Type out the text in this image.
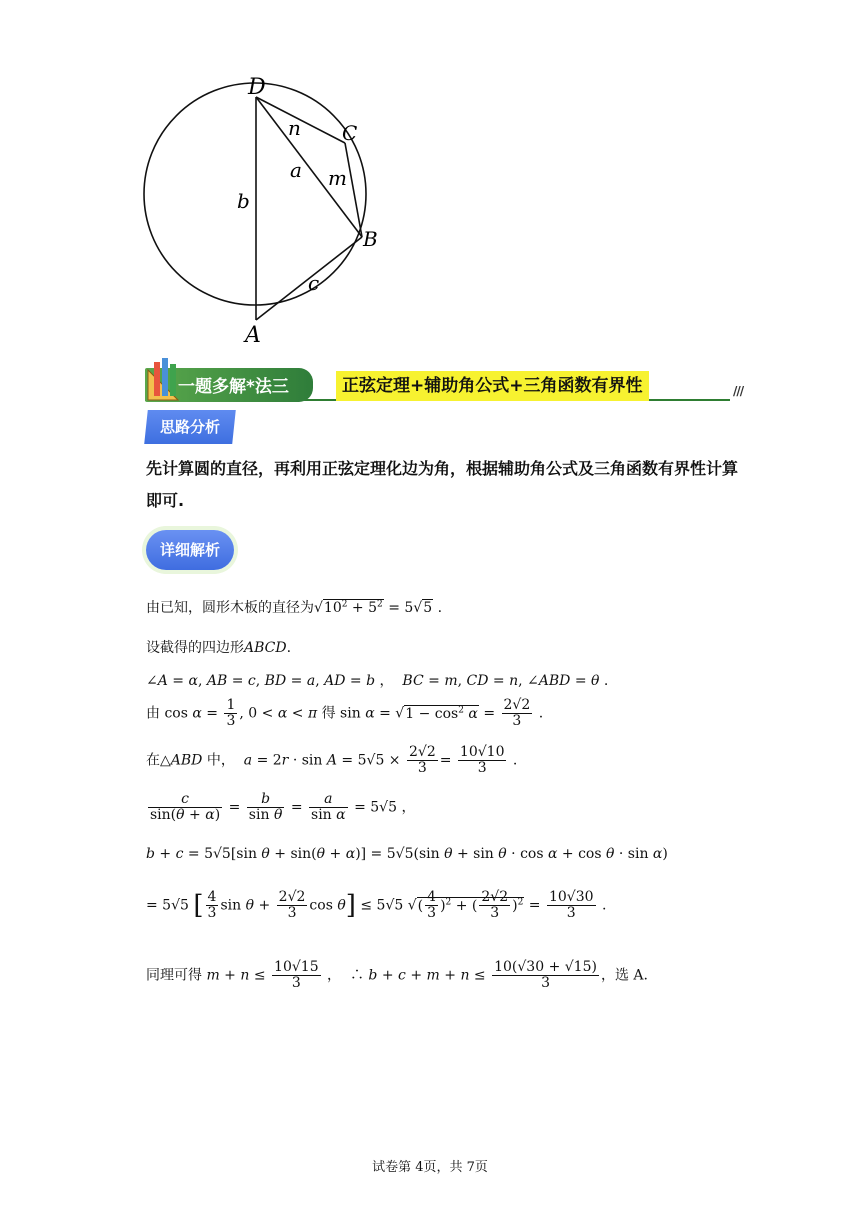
D
C
B
A
n
a m
b
c
一题多解*法三	正弦定理+辅助角公式+三角函数有界性	///
思路分析
先计算圆的直径，再利用正弦定理化边为角，根据辅助角公式及三角函数有界性计算即可.
详细解析
由已知，圆形木板的直径为$√10^2 + 5^2 = 5√5$ .
设截得的四边形ABCD.
∠A = α, AB = c, BD = a, AD = b ，  BC = m, CD = n, ∠ABD = θ .
由 $\cos \alpha = \frac{1}{3}$ , 0 < α < π 得 $\sin \alpha = √1 - \cos^2 \alpha = \frac{2√2}{3}$ .
在△ABD 中， $a = 2r \cdot \sin A = 5√5 \times \frac{2√2}{3} = \frac{10√10}{3}$ .
$\frac{c}{\sin(\theta + \alpha)} = \frac{b}{\text{sin θ}} = \frac{a}{\text{sin α}} = 5√5$ ，
b + c = 5√5[sin θ + sin(θ + α)] = 5√5(sin θ + sin θ · cos α + cos θ · sin α)
= 5√5 [ $\frac{4}{3}$ $\sin \theta + \frac{2√2}{3}$ cos θ] ≤ 5√5 √( $\frac{4}{3} )^2$ + ( $\frac{2√2}{3} )^2 = \frac{10√30}{3}$ .
同理可得 $m + n \le \frac{10√15}{3}$ ，  ∴ $b + c + m + n \le \frac{10(√30 + √15)}{3}$ ，选 A.
试卷第 4页，共 7页
